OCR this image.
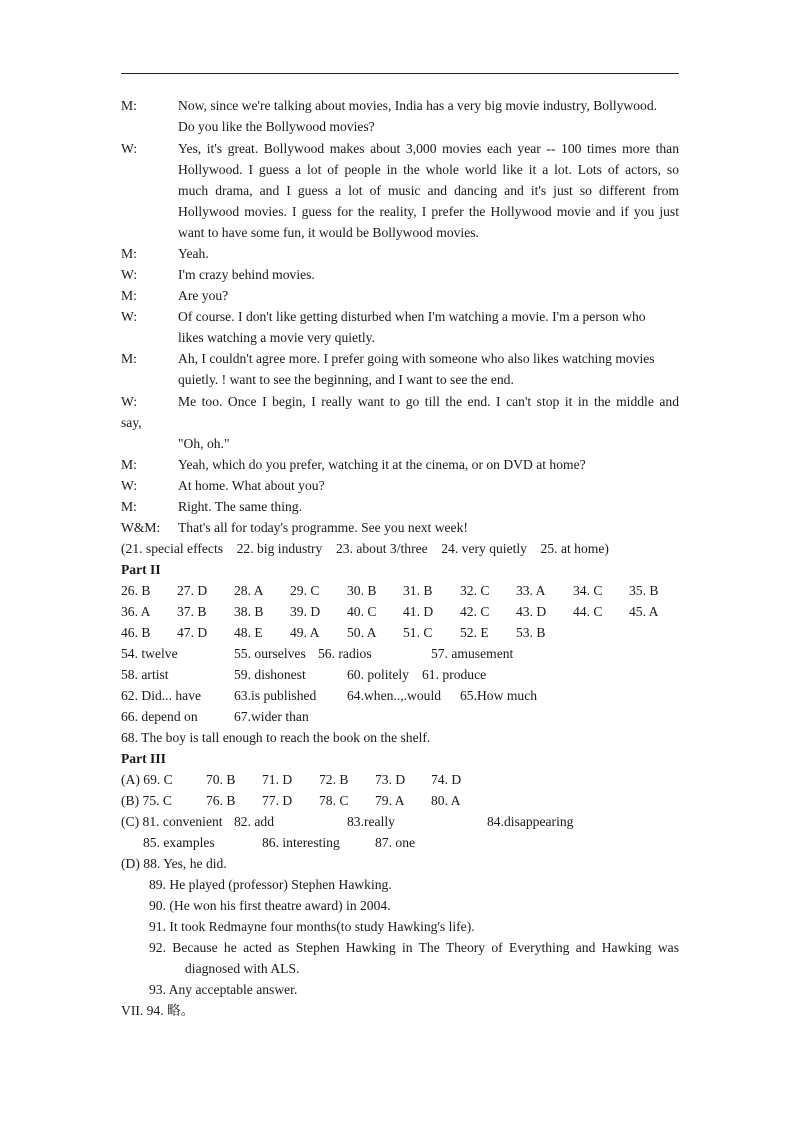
M:	Now, since we're talking about movies, India has a very big movie industry, Bollywood.
Do you like the Bollywood movies?
W:	Yes, it's great. Bollywood makes about 3,000 movies each year -- 100 times more than
Hollywood. I guess a lot of people in the whole world like it a lot. Lots of actors, so
much drama, and I guess a lot of music and dancing and it's just so different from
Hollywood movies. I guess for the reality, I prefer the Hollywood movie and if you just
want to have some fun, it would be Bollywood movies.
M:	Yeah.
W:	I'm crazy behind movies.
M:	Are you?
W:	Of course. I don't like getting disturbed when I'm watching a movie. I'm a person who
likes watching a movie very quietly.
M:	Ah, I couldn't agree more. I prefer going with someone who also likes watching movies
quietly. ! want to see the beginning, and I want to see the end.
W:	Me too. Once I begin, I really want to go till the end. I can't stop it in the middle and
say,
"Oh, oh."
M:	Yeah, which do you prefer, watching it at the cinema, or on DVD at home?
W:	At home. What about you?
M:	Right. The same thing.
W&M: That's all for today's programme. See you next week!
(21. special effects    22. big industry    23. about 3/three    24. very quietly    25. at home)
Part II
26. B 27. D 28. A 29. C 30. B 31. B 32. C 33. A 34. C 35. B
36. A 37. B 38. B 39. D 40. C 41. D 42. C 43. D 44. C 45. A
46. B 47. D 48. E 49. A 50. A 51. C 52. E 53. B
54. twelve	55. ourselves 56. radios	57. amusement
58. artist	59. dishonest	60. politely 61. produce
62. Did... have 63.is published 64.when..,.would 65.How much
66. depend on	67.wider than
68. The boy is tall enough to reach the book on the shelf.
Part III
(A) 69. C 70. B 71. D 72. B 73. D 74. D
(B) 75. C	76. B 77. D 78. C 79. A 80. A
(C) 81. convenient 82. add	83.really	84.disappearing
85. examples	86. interesting	87. one
(D) 88. Yes, he did.
89. He played (professor) Stephen Hawking.
90. (He won his first theatre award) in 2004.
91. It took Redmayne four months(to study Hawking's life).
92. Because he acted as Stephen Hawking in The Theory of Everything and Hawking was
diagnosed with ALS.
93. Any acceptable answer.
VII. 94. 略。
